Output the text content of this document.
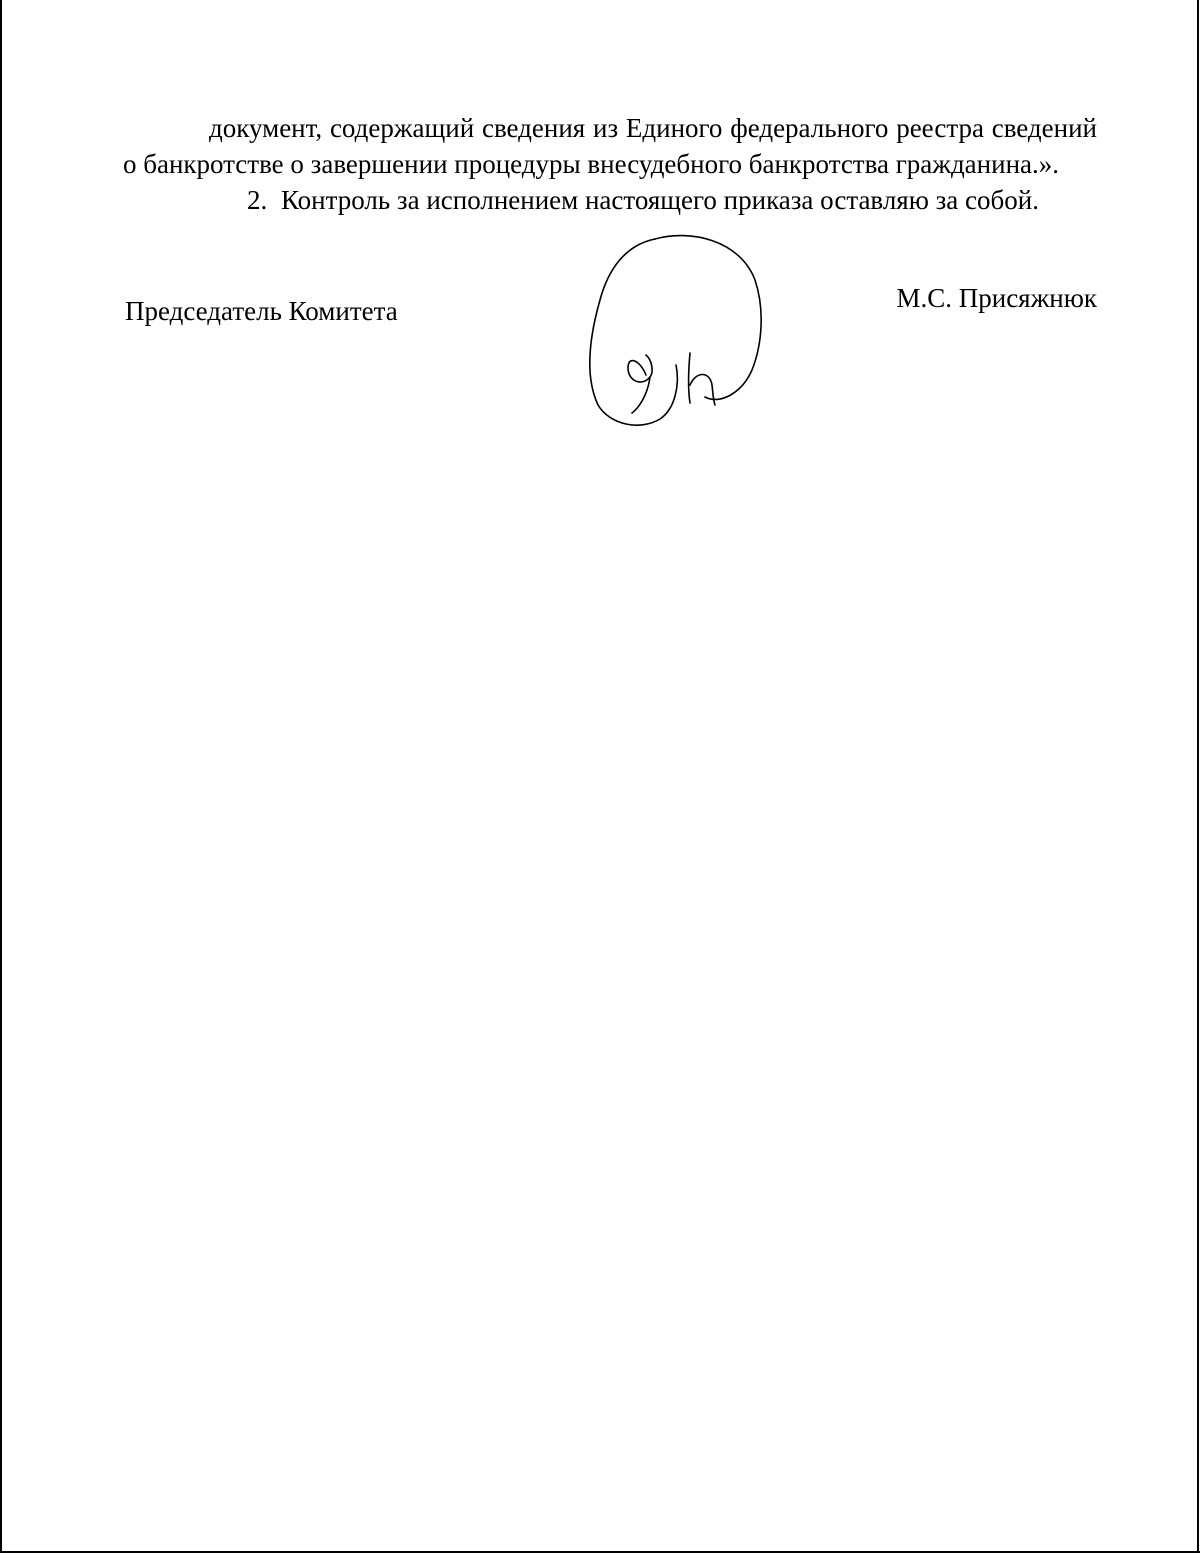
документ, содержащий сведения из Единого федерального реестра сведений о банкротстве о завершении процедуры внесудебного банкротства гражданина.».

2. Контроль за исполнением настоящего приказа оставляю за собой.

Председатель Комитета	М.С. Присяжнюк
